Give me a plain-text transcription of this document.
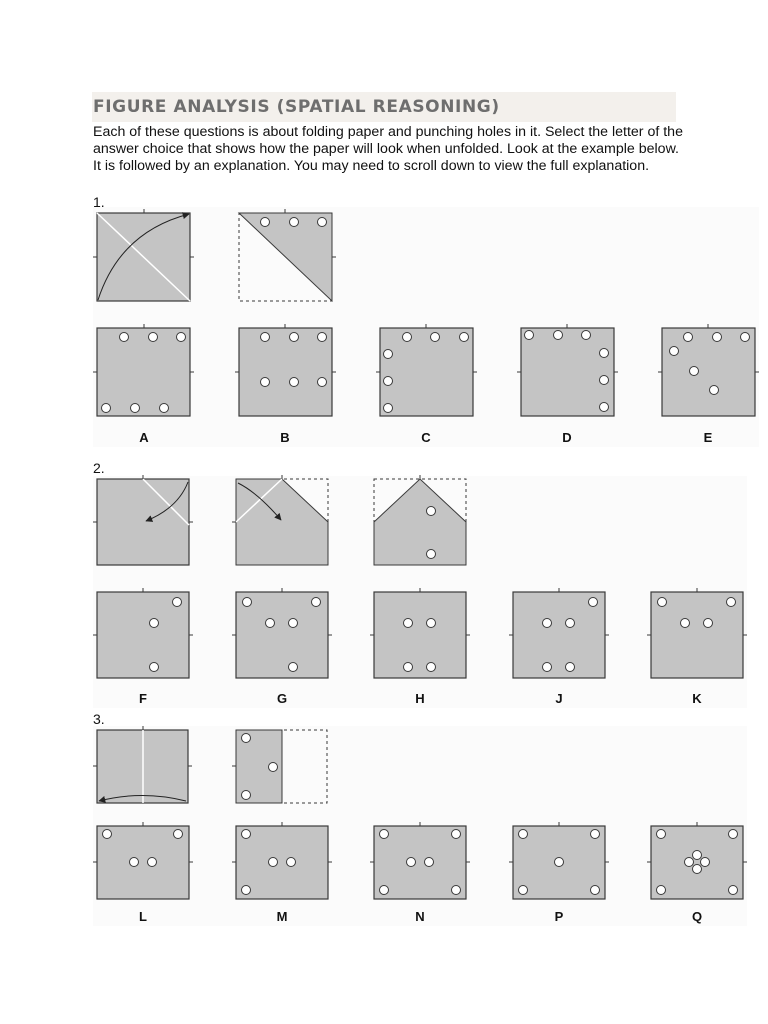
FIGURE ANALYSIS (SPATIAL REASONING)
Each of these questions is about folding paper and punching holes in it. Select the letter of the answer choice that shows how the paper will look when unfolded. Look at the example below. It is followed by an explanation. You may need to scroll down to view the full explanation.
1.
2.
3.
A	B	C	D	E
F	G	H	J	K
L	M	N	P	Q
